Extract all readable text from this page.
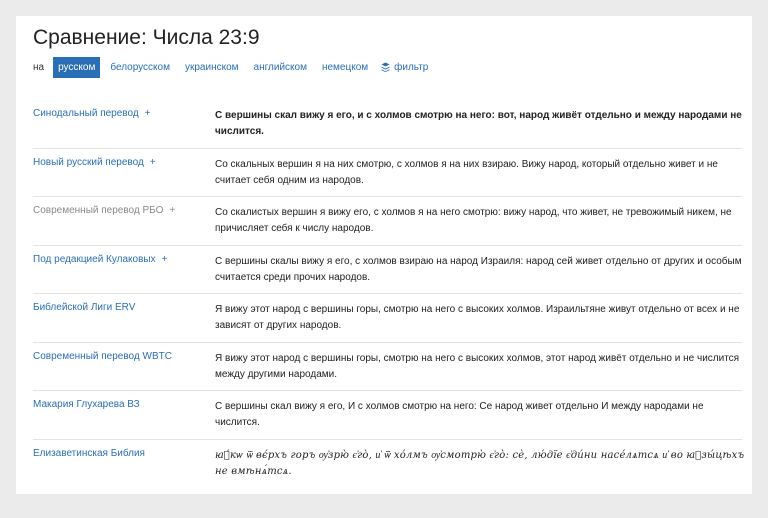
Сравнение: Числа 23:9
на	русском	белорусском	украинском	английском	немецком	фильтр
Синодальный перевод +	С вершины скал вижу я его, и с холмов смотрю на него: вот, народ живёт отдельно и между народами не числится.
Новый русский перевод +	Со скальных вершин я на них смотрю, с холмов я на них взираю. Вижу народ, который отдельно живет и не считает себя одним из народов.
Современный перевод РБО +	Со скалистых вершин я вижу его, с холмов я на него смотрю: вижу народ, что живет, не тревожимый никем, не причисляет себя к числу народов.
Под редакцией Кулаковых +	С вершины скалы вижу я его, с холмов взираю на народ Израиля: народ сей живет отдельно от других и особым считается среди прочих народов.
Библейской Лиги ERV	Я вижу этот народ с вершины горы, смотрю на него с высоких холмов. Израильтяне живут отдельно от всех и не зависят от других народов.
Современный перевод WBTC	Я вижу этот народ с вершины горы, смотрю на него с высоких холмов, этот народ живёт отдельно и не числится между другими народами.
Макария Глухарева ВЗ	С вершины скал вижу я его, И с холмов смотрю на него: Се народ живет отдельно И между народами не числится.
Елизаветинская Библия	ꙗ҆́кѡ ѿ вє́рхъ горъ ѹ҆зрю̀ є҆го̀, и҆ ѿ хо́лмъ ѹ҆смотрю̀ є҆го̀: сѐ, лю́дїе є҆ди́ни насе́лѧтсѧ и҆ во ꙗ҆зы́цѣхъ не вмѣнѧ́тсѧ.
